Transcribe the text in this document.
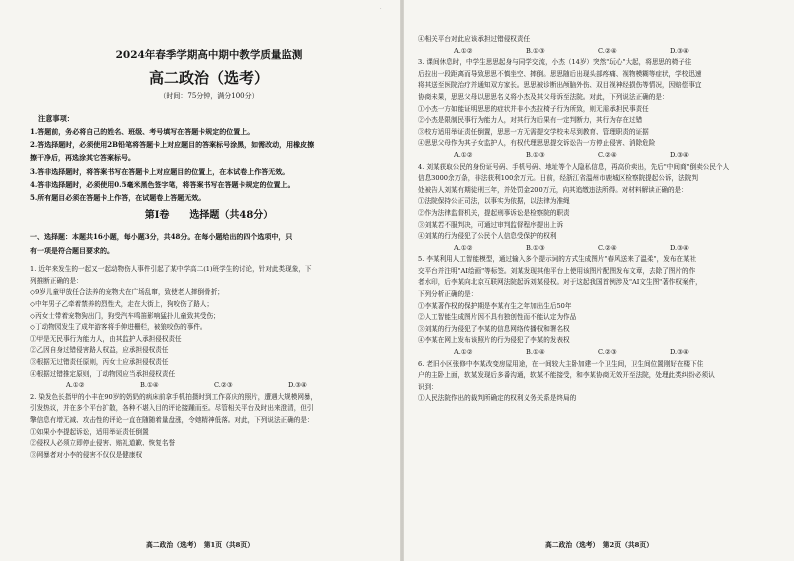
·
2024年春季学期高中期中教学质量监测
高二政治（选考）
（时间：75分钟，满分100分）
注意事项：
1.答题前，务必将自己的姓名、班级、考号填写在答题卡规定的位置上。
2.答选择题时，必须使用2B铅笔将答题卡上对应题目的答案标号涂黑，如需改动，用橡皮擦
擦干净后，再选涂其它答案标号。
3.答非选择题时，将答案书写在答题卡上对应题目的位置上，在本试卷上作答无效。
4.答非选择题时，必须使用0.5毫米黑色签字笔，将答案书写在答题卡规定的位置上。
5.所有题目必须在答题卡上作答，在试题卷上答题无效。
第Ⅰ卷　　选择题（共48分）
一、选择题：本题共16小题，每小题3分，共48分。在每小题给出的四个选项中，只
有一项是符合题目要求的。
1. 近年来发生的一起又一起动物伤人事件引起了某中学高二(1)班学生的讨论，针对此类现象，下
列推断正确的是：
◇9岁儿童甲放任合法养的宠物犬在广场乱窜，致使老人摔倒骨折；
◇中年男子乙牵着禁养的烈性犬，走在大街上，狗咬伤了路人；
◇丙女士带着宠物狗出门，狗受汽车鸣笛影响猛扑儿童致其受伤；
◇丁动物园发生了成年游客将手伸进栅栏，被狼咬伤的事件。
①甲是无民事行为能力人，由其监护人承担侵权责任
②乙因自身过错侵害路人权益，应承担侵权责任
③根据无过错责任原则，丙女士应承担侵权责任
④根据过错推定原则，丁动物园应当承担侵权责任
A.①②	B.①④	C.②③	D.③④
2. 染发色长指甲的小丰在90岁的奶奶的病床前拿手机拍摄时到工作喜庆的照片，遭遇大规模网暴，
引发热议，并在多个平台扩散，各种不堪入目的评论接踵而至。尽管相关平台及时出来澄清，但引
擎信息有增无减、攻击性的评论一直在随随着量盘涨，令她精神低落。对此，下列说法正确的是：
①如果小李提起诉讼，适用举证责任倒置
②侵权人必须立即停止侵害、赔礼道歉、恢复名誉
③网暴者对小李的侵害不仅仅是健康权
高二政治（选考）　第1页（共8页）
④相关平台对此应该承担过错侵权责任
A.①②	B.①③	C.②④	D.③④
3. 课间休息时，中学生思思起身与同学交流，小杰（14岁）突然"玩心"大起，将思思的椅子往
后拉出一段距离而导致思思不慎坐空、摔倒。思思随后出现头部疼痛、视物模糊等症状，学校迅速
将其送至医院治疗并通知双方家长。思思被诊断出颅脑外伤、双目视神经损伤等情况，因赔偿事宜
协商未果，思思父母以思思名义将小杰及其父母诉至法院。对此，下列说法正确的是：
①小杰一方如能证明思思的症状并非小杰拉椅子行为所致，则无需承担民事责任
②小杰是限制民事行为能力人，对其行为后果有一定判断力，其行为存在过错
③校方适用举证责任倒置，思思一方无需提交学校未尽到教育、管理职责的证据
④思思父母作为其子女监护人，有权代理思思提交诉讼告一方停止侵害、消除危险
A.①②	B.①③	C.②④	D.③④
4. 刘某获取公民的身份证号码、手机号码、地址等个人隐私信息，再高价卖出，先后"中间商"倒卖公民个人
信息3000余万条，非法获利100余万元。日前，经浙江省温州市鹿城区检察院提起公诉，法院判
处被告人刘某有期徒刑三年，并处罚金200万元，向其追缴违法所得。对材料解读正确的是：
①法院保持公正司法，以事实为依据，以法律为准绳
②作为法律监督机关，提起刑事诉讼是检察院的职责
③刘某若不服判决，可通过审判监督程序提出上诉
④刘某的行为侵犯了公民个人信息受保护的权利
A.①②	B.①③	C.②④	D.③④
5. 李某利用人工智能模型，通过输入多个提示词的方式生成图片"春风送来了温柔"，发布在某社
交平台并注明"AI绘画"等标签。刘某发现其他平台上使用该图片配图发布文章，去除了图片的作
者水印，后李某向北京互联网法院起诉刘某侵权。对于这起我国首例涉及"AI文生图"著作权案件，
下列分析正确的是：
①李某著作权的保护期是李某有生之年加出生后50年
②人工智能生成图片因不具有独创性而不能认定为作品
③刘某的行为侵犯了李某的信息网络传播权和署名权
④李某在网上发布该照片的行为侵犯了李某的发表权
A.①②	B.①④	C.②③	D.③④
6. 老旧小区张修中李某改变房屋用途，在一间较大主卧加建一个卫生间，卫生间位置刚好在楼下住
户的主卧上面，软某发现后多番沟通，软某不能接受，和李某协商无效开至法院，处理此类纠纷必须认
识到：
①人民法院作出的裁判所确定的权利义务关系是终局的
高二政治（选考）　第2页（共8页）
